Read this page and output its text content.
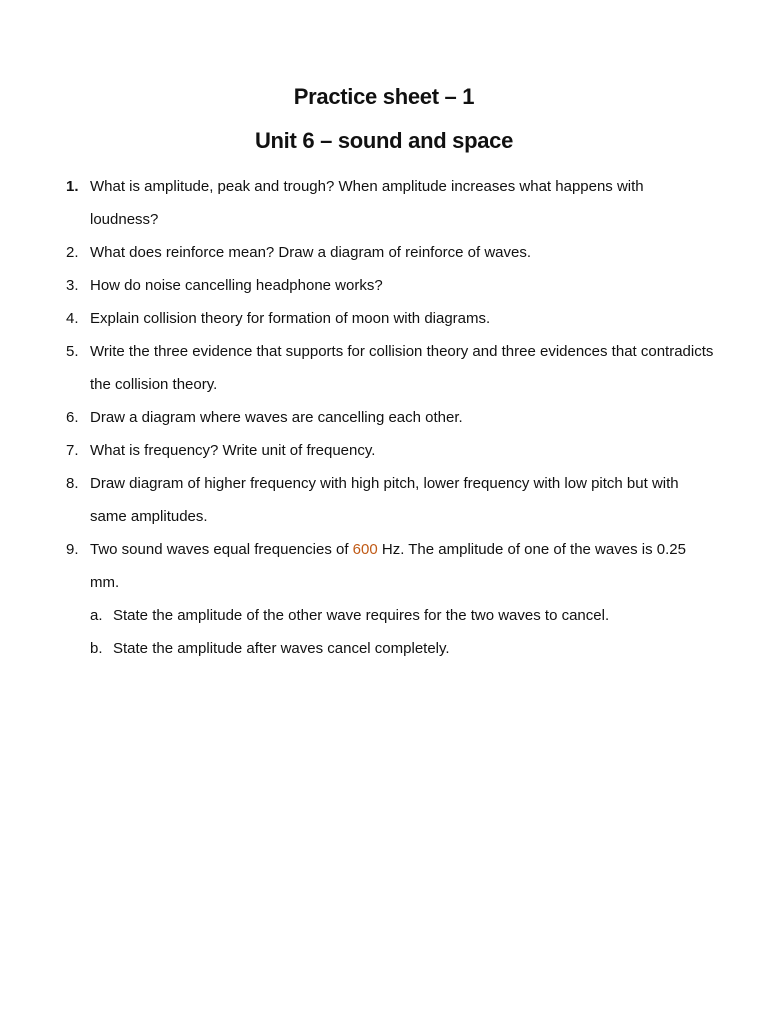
Practice sheet – 1
Unit 6 – sound and space
1. What is amplitude, peak and trough? When amplitude increases what happens with loudness?
2. What does reinforce mean? Draw a diagram of reinforce of waves.
3. How do noise cancelling headphone works?
4. Explain collision theory for formation of moon with diagrams.
5. Write the three evidence that supports for collision theory and three evidences that contradicts the collision theory.
6. Draw a diagram where waves are cancelling each other.
7. What is frequency? Write unit of frequency.
8. Draw diagram of higher frequency with high pitch, lower frequency with low pitch but with same amplitudes.
9. Two sound waves equal frequencies of 600 Hz. The amplitude of one of the waves is 0.25 mm.
a. State the amplitude of the other wave requires for the two waves to cancel.
b. State the amplitude after waves cancel completely.
